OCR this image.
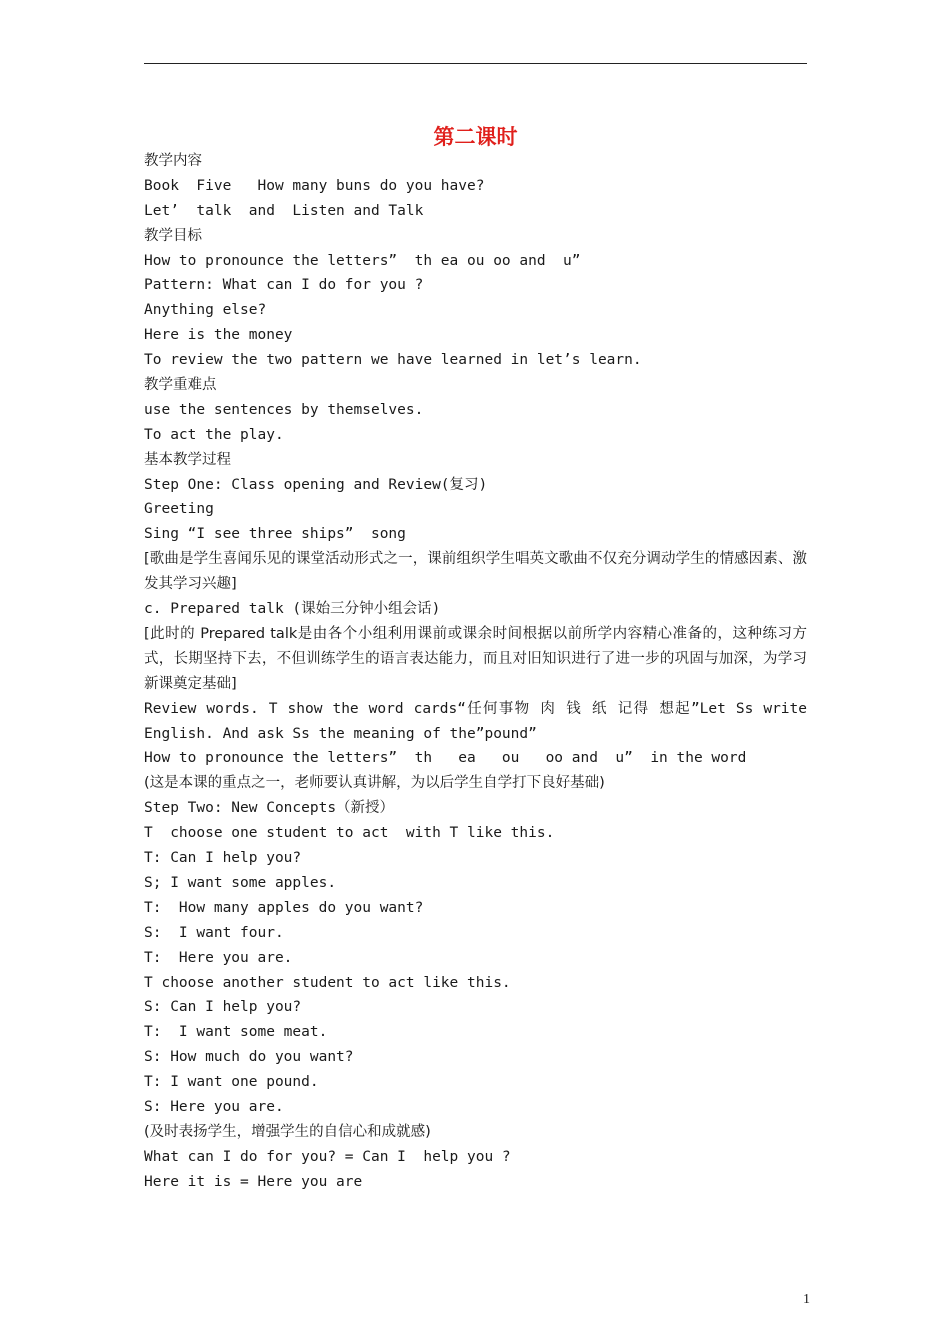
第二课时
教学内容
Book  Five   How many buns do you have?
Let’  talk  and  Listen and Talk
教学目标
How to pronounce the letters”  th ea ou oo and  u”
Pattern: What can I do for you ?
Anything else?
Here is the money
To review the two pattern we have learned in let’s learn.
教学重难点
use the sentences by themselves.
To act the play.
基本教学过程
Step One: Class opening and Review(复习)
Greeting
Sing “I see three ships”  song
[歌曲是学生喜闻乐见的课堂活动形式之一，课前组织学生唱英文歌曲不仅充分调动学生的情感因素、激发其学习兴趣]
c. Prepared talk (课始三分钟小组会话)
[此时的 Prepared talk是由各个小组利用课前或课余时间根据以前所学内容精心准备的，这种练习方式，长期坚持下去，不但训练学生的语言表达能力，而且对旧知识进行了进一步的巩固与加深，为学习新课奠定基础]
Review words. T show the word cards“任何事物 肉 钱 纸 记得 想起”Let Ss write English. And ask Ss the meaning of the”pound”
How to pronounce the letters”  th   ea   ou   oo and  u”  in the word
(这是本课的重点之一，老师要认真讲解，为以后学生自学打下良好基础)
Step Two: New Concepts（新授）
T  choose one student to act  with T like this.
T: Can I help you?
S; I want some apples.
T:  How many apples do you want?
S:  I want four.
T:  Here you are.
T choose another student to act like this.
S: Can I help you?
T:  I want some meat.
S: How much do you want?
T: I want one pound.
S: Here you are.
(及时表扬学生，增强学生的自信心和成就感)
What can I do for you? = Can I  help you ?
Here it is = Here you are
1
